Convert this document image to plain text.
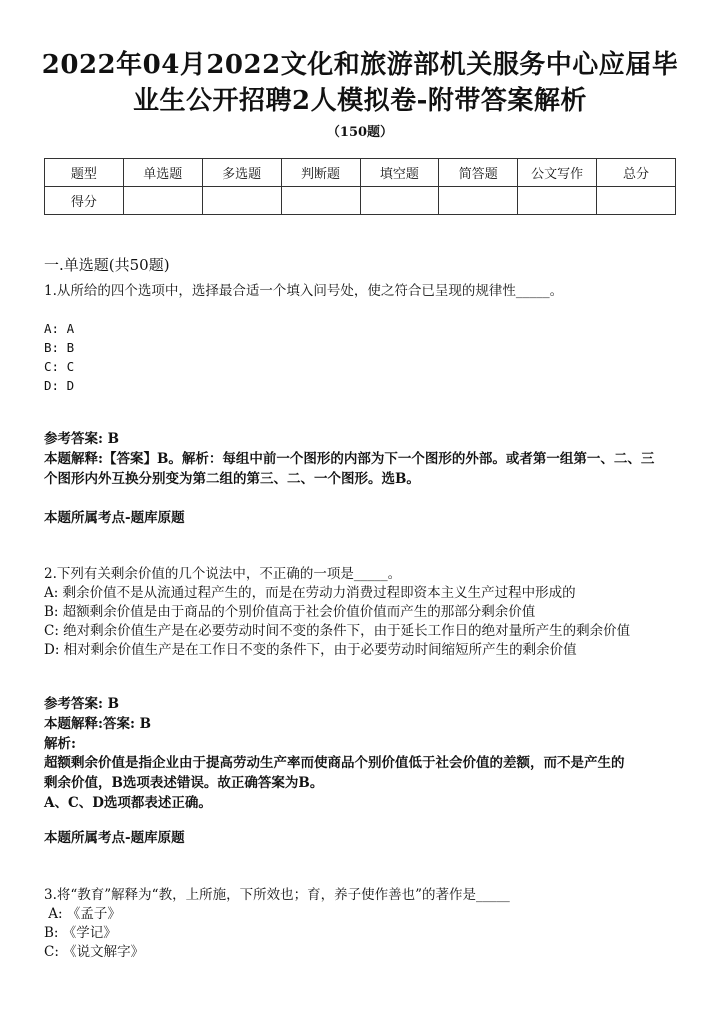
2022年04月2022文化和旅游部机关服务中心应届毕
业生公开招聘2人模拟卷-附带答案解析
（150题）
题型	单选题	多选题	判断题	填空题	简答题	公文写作	总分
得分							
一.单选题(共50题)
1.从所给的四个选项中，选择最合适一个填入问号处，使之符合已呈现的规律性_____。
A: A
B: B
C: C
D: D
参考答案: B
本题解释:【答案】B。解析：每组中前一个图形的内部为下一个图形的外部。或者第一组第一、二、三
个图形内外互换分别变为第二组的第三、二、一个图形。选B。
本题所属考点-题库原题
2.下列有关剩余价值的几个说法中，不正确的一项是_____。
A: 剩余价值不是从流通过程产生的，而是在劳动力消费过程即资本主义生产过程中形成的
B: 超额剩余价值是由于商品的个别价值高于社会价值价值而产生的那部分剩余价值
C: 绝对剩余价值生产是在必要劳动时间不变的条件下，由于延长工作日的绝对量所产生的剩余价值
D: 相对剩余价值生产是在工作日不变的条件下，由于必要劳动时间缩短所产生的剩余价值
参考答案: B
本题解释:答案: B
解析:
超额剩余价值是指企业由于提高劳动生产率而使商品个别价值低于社会价值的差额，而不是产生的
剩余价值，B选项表述错误。故正确答案为B。
A、C、D选项都表述正确。
本题所属考点-题库原题
3.将“教育”解释为“教，上所施，下所效也；育，养子使作善也”的著作是_____
A: 《孟子》
B: 《学记》
C: 《说文解字》
